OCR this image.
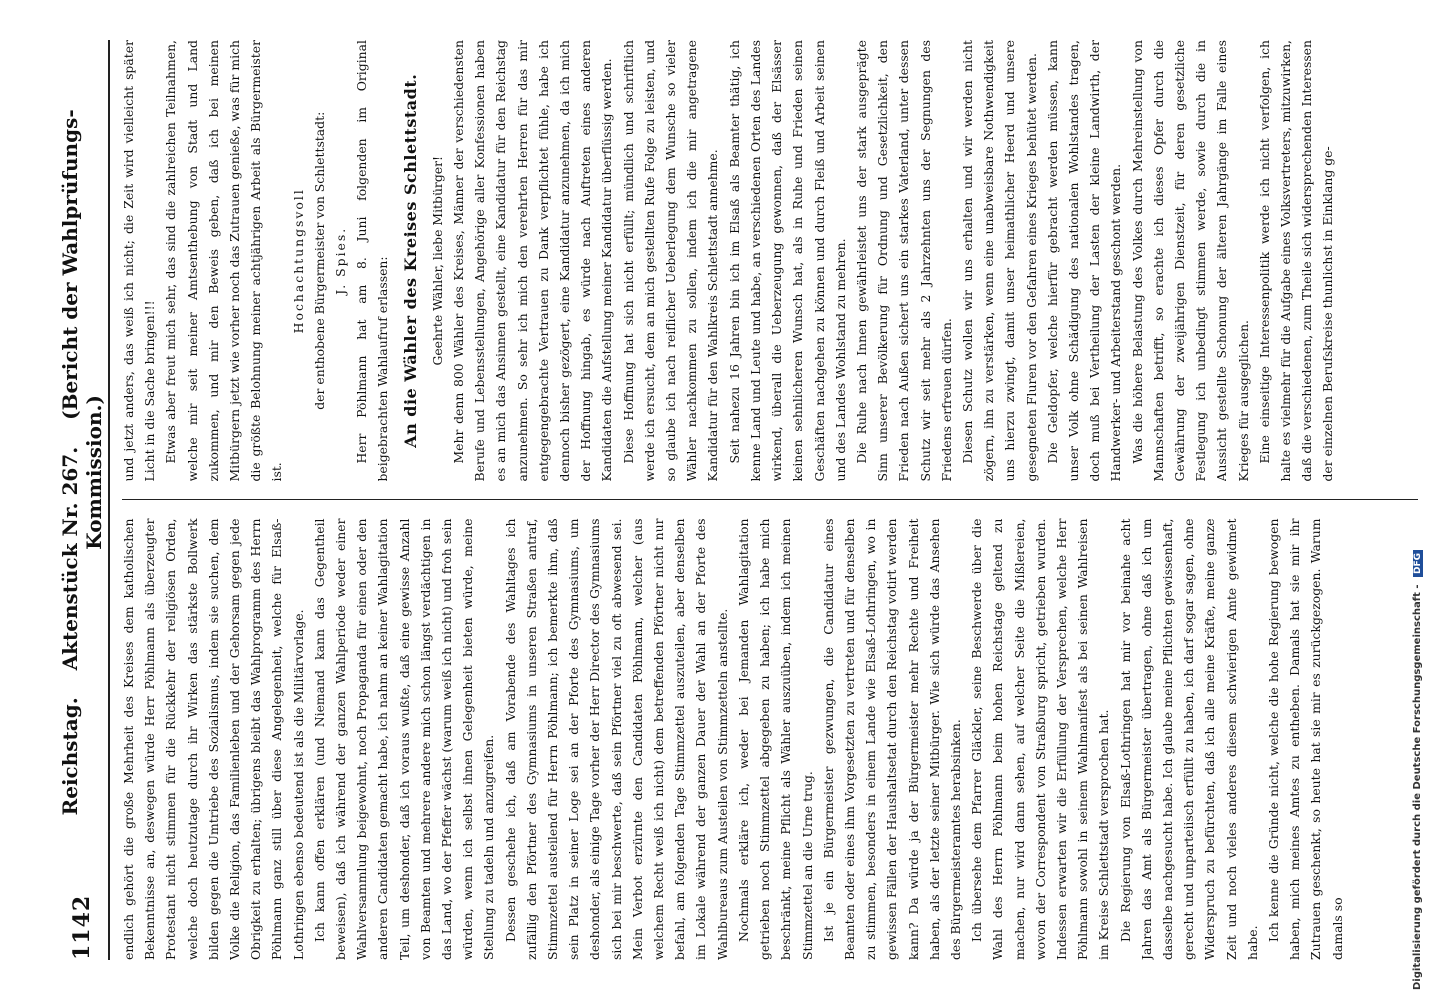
1142
Reichstag. Aktenstück Nr. 267. (Bericht der Wahlprüfungs-Kommission.)

endlich gehört die große Mehrheit des Kreises dem katholischen Bekenntnisse an, deswegen würde Herr Pöhlmann als überzeugter Protestant nicht stimmen für die Rückkehr der religiösen Orden, welche doch heutzutage durch ihr Wirken das stärkste Bollwerk bilden gegen die Umtriebe des Sozialismus, indem sie suchen, dem Volke die Religion, das Familienleben und der Gehorsam gegen jede Obrigkeit zu erhalten; übrigens bleibt das Wahlprogramm des Herrn Pöhlmann ganz still über diese Angelegenheit, welche für Elsaß-Lothringen ebenso bedeutend ist als die Militärvorlage. Ich kann offen erklären (und Niemand kann das Gegentheil beweisen), daß ich während der ganzen Wahlperiode weder einer Wahlversammlung beigewohnt, noch Propaganda für einen oder den anderen Candidaten gemacht habe, ich nahm an keiner Wahlagitation Teil, um deshonder, daß ich voraus wußte, daß eine gewisse Anzahl von Beamten und mehrere andere mich schon längst verdächtigen in das Land, wo der Pfeffer wächst (warum weiß ich nicht) und froh sein würden, wenn ich selbst ihnen Gelegenheit bieten würde, meine Stellung zu tadeln und anzugreifen. Dessen geschehe ich, daß am Vorabende des Wahltages ich zufällig den Pförtner des Gymnasiums in unseren Straßen antraf, Stimmzettel austeilend für Herrn Pöhlmann; ich bemerkte ihm, daß sein Platz in seiner Loge sei an der Pforte des Gymnasiums, um deshonder, als einige Tage vorher der Herr Director des Gymnasiums sich bei mir beschwerte, daß sein Pförtner viel zu oft abwesend sei. Mein Verbot erzürnte den Candidaten Pöhlmann, welcher (aus welchem Recht weiß ich nicht) dem betreffenden Pförtner nicht nur befahl, am folgenden Tage Stimmzettel auszuteilen, aber denselben im Lokale während der ganzen Dauer der Wahl an der Pforte des Wahlbureaus zum Austeilen von Stimmzetteln anstellte. Nochmals erkläre ich, weder bei Jemanden Wahlagitation getrieben noch Stimmzettel abgegeben zu haben; ich habe mich beschränkt, meine Pflicht als Wähler auszuüben, indem ich meinen Stimmzettel an die Urne trug. Ist je ein Bürgermeister gezwungen, die Candidatur eines Beamten oder eines ihm Vorgesetzten zu vertreten und für denselben zu stimmen, besonders in einem Lande wie Elsaß-Lothringen, wo in gewissen Fällen der Haushaltsetat durch den Reichstag votirt werden kann? Da würde ja der Bürgermeister mehr Rechte und Freiheit haben, als der letzte seiner Mitbürger. Wie sich würde das Ansehen des Bürgermeisteramtes herabsinken. Ich übersehe dem Pfarrer Gläckler, seine Beschwerde über die Wahl des Herrn Pöhlmann beim hohen Reichstage geltend zu machen, nur wird dann sehen, auf welcher Seite die Mißlereien, wovon der Correspondent von Straßburg spricht, getrieben wurden. Indessen erwarten wir die Erfüllung der Versprechen, welche Herr Pöhlmann sowohl in seinem Wahlmanifest als bei seinen Wahlreisen im Kreise Schlettstadt versprochen hat. Die Regierung von Elsaß-Lothringen hat mir vor beinahe acht Jahren das Amt als Bürgermeister übertragen, ohne daß ich um dasselbe nachgesucht habe. Ich glaube meine Pflichten gewissenhaft, gerecht und unparteiisch erfüllt zu haben, ich darf sogar sagen, ohne Widerspruch zu befürchten, daß ich alle meine Kräfte, meine ganze Zeit und noch vieles anderes diesem schwierigen Amte gewidmet habe.

Ich kenne die Gründe nicht, welche die hohe Regierung bewogen haben, mich meines Amtes zu entheben. Damals hat sie mir ihr Zutrauen geschenkt, so heute hat sie mir es zurückgezogen. Warum damals so

und jetzt anders, das weiß ich nicht; die Zeit wird vielleicht später Licht in die Sache bringen!!! Etwas aber freut mich sehr, das sind die zahlreichen Teilnahmen, welche mir seit meiner Amtsenthebung von Stadt und Land zukommen, und mir den Beweis geben, daß ich bei meinen Mitbürgern jetzt wie vorher noch das Zutrauen genieße, was für mich die größte Belohnung meiner achtjährigen Arbeit als Bürgermeister ist.

Hochachtungsvoll der enthobene Bürgermeister von Schlettstadt: J. Spies. Herr Pöhlmann hat am 8. Juni folgenden im Original beigebrachten Wahlaufruf erlassen: An die Wähler des Kreises Schlettstadt. Geehrte Wähler, liebe Mitbürger! Mehr denn 800 Wähler des Kreises, Männer der verschiedensten Berufe und Lebensstellungen, Angehörige aller Konfessionen haben es an mich das Ansinnen gestellt, eine Kandidatur für den Reichstag anzunehmen. So sehr ich mich den verehrten Herren für das mir entgegengebrachte Vertrauen zu Dank verpflichtet fühle, habe ich dennoch bisher gezögert, eine Kandidatur anzunehmen, da ich mich der Hoffnung hingab, es würde nach Auftreten eines anderen Kandidaten die Aufstellung meiner Kandidatur überflüssig werden. Diese Hoffnung hat sich nicht erfüllt; mündlich und schriftlich werde ich ersucht, dem an mich gestellten Rufe Folge zu leisten, und so glaube ich nach reiflicher Ueberlegung dem Wunsche so vieler Wähler nachkommen zu sollen, indem ich die mir angetragene Kandidatur für den Wahlkreis Schlettstadt annehme. Seit nahezu 16 Jahren bin ich im Elsaß als Beamter thätig, ich kenne Land und Leute und habe, an verschiedenen Orten des Landes wirkend, überall die Ueberzeugung gewonnen, daß der Elsässer keinen sehnlicheren Wunsch hat, als in Ruhe und Frieden seinen Geschäften nachgehen zu können und durch Fleiß und Arbeit seinen und des Landes Wohlstand zu mehren. Die Ruhe nach Innen gewährleistet uns der stark ausgeprägte Sinn unserer Bevölkerung für Ordnung und Gesetzlichkeit, den Frieden nach Außen sichert uns ein starkes Vaterland, unter dessen Schutz wir seit mehr als 2 Jahrzehnten uns der Segnungen des Friedens erfreuen dürfen. Diesen Schutz wollen wir uns erhalten und wir werden nicht zögern, ihn zu verstärken, wenn eine unabweisbare Nothwendigkeit uns hierzu zwingt, damit unser heimathlicher Heerd und unsere gesegneten Fluren vor den Gefahren eines Krieges behütet werden. Die Geldopfer, welche hierfür gebracht werden müssen, kann unser Volk ohne Schädigung des nationalen Wohlstandes tragen, doch muß bei Vertheilung der Lasten der kleine Landwirth, der Handwerker- und Arbeiterstand geschont werden. Was die höhere Belastung des Volkes durch Mehreinstellung von Mannschaften betrifft, so erachte ich dieses Opfer durch die Gewährung der zweijährigen Dienstzeit, für deren gesetzliche Festlegung ich unbedingt stimmen werde, sowie durch die in Aussicht gestellte Schonung der älteren Jahrgänge im Falle eines Krieges für ausgeglichen. Eine einseitige Interessenpolitik werde ich nicht verfolgen, ich halte es vielmehr für die Aufgabe eines Volksvertreters, mitzuwirken, daß die verschiedenen, zum Theile sich widersprechenden Interessen der einzelnen Berufskreise thunlichst in Einklang ge-

Digitalisierung gefördert durch die Deutsche Forschungsgemeinschaft - DFG
